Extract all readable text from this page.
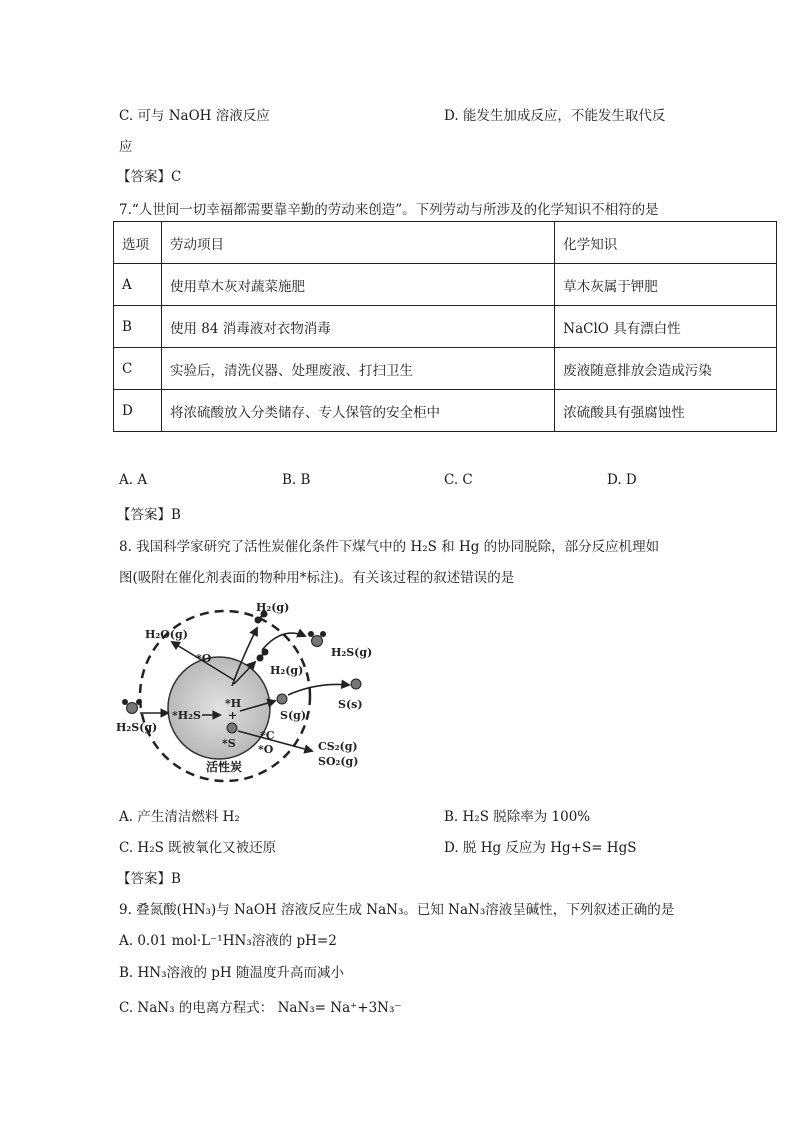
C. 可与 NaOH 溶液反应	D. 能发生加成反应，不能发生取代反
应
【答案】C
7.“人世间一切幸福都需要靠辛勤的劳动来创造”。下列劳动与所涉及的化学知识不相符的是
选项	劳动项目	化学知识
A	使用草木灰对蔬菜施肥	草木灰属于钾肥
B	使用 84 消毒液对衣物消毒	NaClO 具有漂白性
C	实验后，清洗仪器、处理废液、打扫卫生	废液随意排放会造成污染
D	将浓硫酸放入分类储存、专人保管的安全柜中	浓硫酸具有强腐蚀性
A. A	B. B	C. C	D. D
【答案】B
8. 我国科学家研究了活性炭催化条件下煤气中的 H₂S 和 Hg 的协同脱除，部分反应机理如
图(吸附在催化剂表面的物种用*标注)。有关该过程的叙述错误的是
H₂(g)
H₂O(g)
*O	H₂S(g)
H₂(g)
S(s)
H₂S(g)
*H₂S
*H
+	S(g)
*S
*C
*O	CS₂(g)
SO₂(g)
活性炭
A. 产生清洁燃料 H₂	B. H₂S 脱除率为 100%
C. H₂S 既被氧化又被还原	D. 脱 Hg 反应为 Hg+S= HgS
【答案】B
9. 叠氮酸(HN₃)与 NaOH 溶液反应生成 NaN₃。已知 NaN₃溶液呈碱性，下列叙述正确的是
A. 0.01 mol·L⁻¹HN₃溶液的 pH=2
B. HN₃溶液的 pH 随温度升高而减小
C. NaN₃ 的电离方程式： NaN₃= Na⁺+3N₃⁻
